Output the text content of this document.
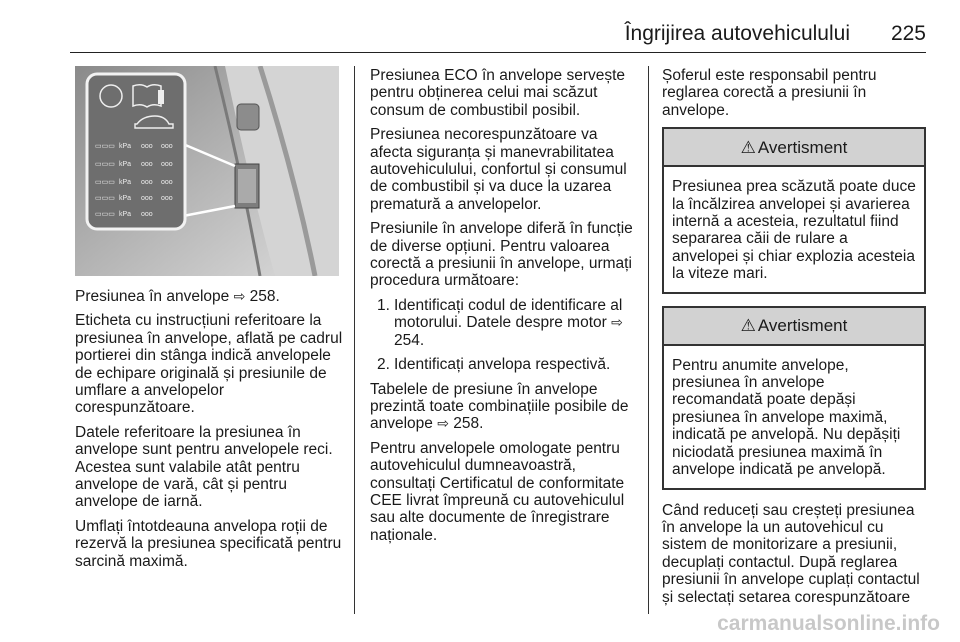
Îngrijirea autovehiculului 225
▭▭▭ kPa ooo ooo
▭▭▭ kPa ooo ooo
▭▭▭ kPa ooo ooo
▭▭▭ kPa ooo ooo
▭▭▭ kPa ooo

Presiunea în anvelope ⇨ 258.

Eticheta cu instrucțiuni referitoare la presiunea în anvelope, aflată pe cadrul portierei din stânga indică anvelopele de echipare originală și presiunile de umflare a anvelopelor corespunzătoare.

Datele referitoare la presiunea în anvelope sunt pentru anvelopele reci. Acestea sunt valabile atât pentru anvelope de vară, cât și pentru anvelope de iarnă.

Umflați întotdeauna anvelopa roții de rezervă la presiunea specificată pentru sarcină maximă.

Presiunea ECO în anvelope servește pentru obținerea celui mai scăzut consum de combustibil posibil.

Presiunea necorespunzătoare va afecta siguranța și manevrabilitatea autovehiculului, confortul și consumul de combustibil și va duce la uzarea prematură a anvelopelor.

Presiunile în anvelope diferă în funcție de diverse opțiuni. Pentru valoarea corectă a presiunii în anvelope, urmați procedura următoare:

1. Identificați codul de identificare al motorului. Datele despre motor ⇨ 254.
2. Identificați anvelopa respectivă.

Tabelele de presiune în anvelope prezintă toate combinațiile posibile de anvelope ⇨ 258.

Pentru anvelopele omologate pentru autovehiculul dumneavoastră, consultați Certificatul de conformitate CEE livrat împreună cu autovehiculul sau alte documente de înregistrare naționale.

Șoferul este responsabil pentru reglarea corectă a presiunii în anvelope.

⚠ Avertisment
Presiunea prea scăzută poate duce la încălzirea anvelopei și avarierea internă a acesteia, rezultatul fiind separarea căii de rulare a anvelopei și chiar explozia acesteia la viteze mari.
⚠ Avertisment
Pentru anumite anvelope, presiunea în anvelope recomandată poate depăși presiunea în anvelope maximă, indicată pe anvelopă. Nu depășiți niciodată presiunea maximă în anvelope indicată pe anvelopă.

Când reduceți sau creșteți presiunea în anvelope la un autovehicul cu sistem de monitorizare a presiunii, decuplați contactul. După reglarea presiunii în anvelope cuplați contactul și selectați setarea corespunzătoare

carmanualsonline.info
